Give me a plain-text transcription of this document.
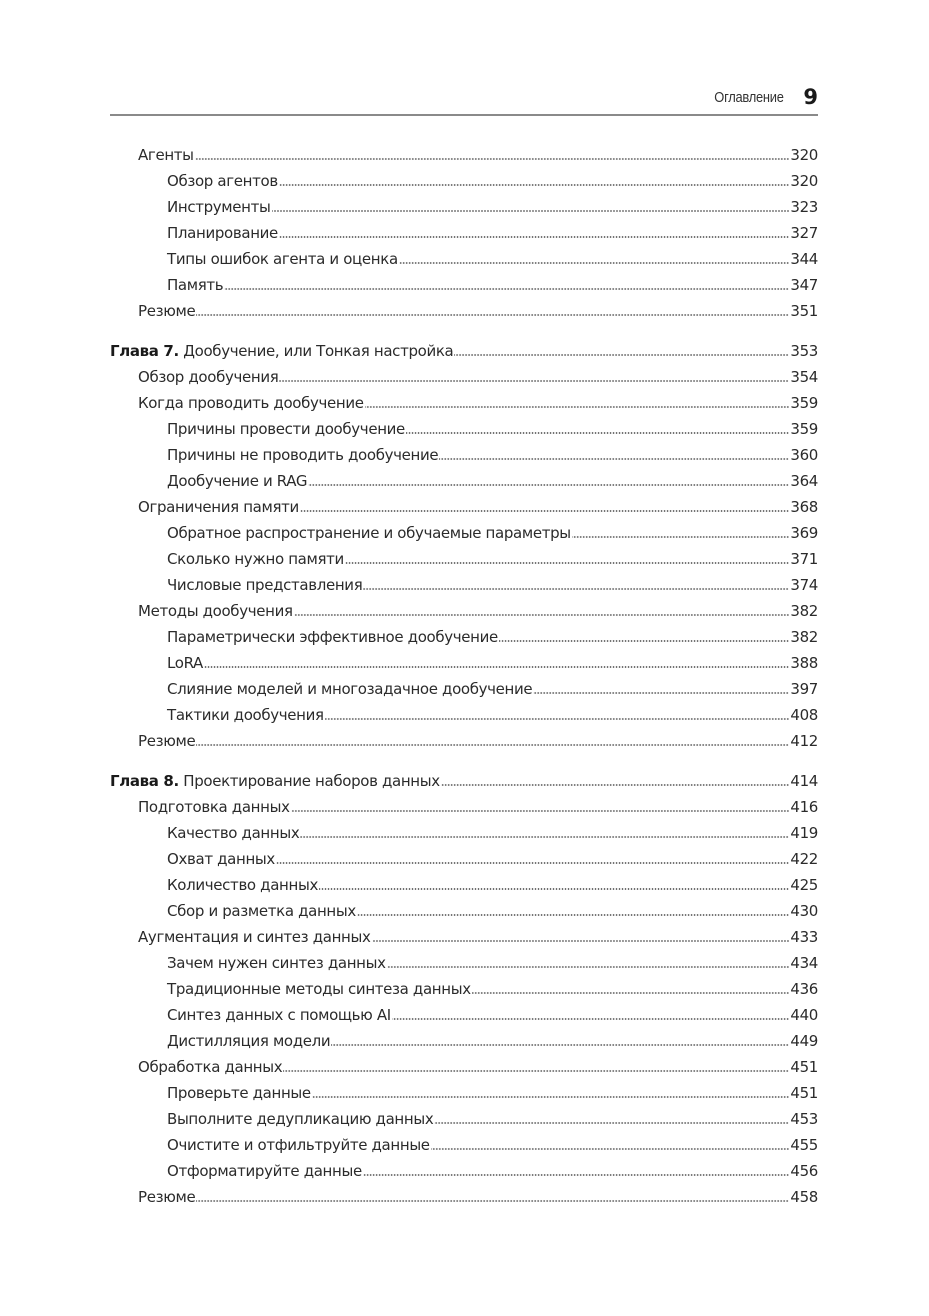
Оглавление 9
Агенты	320
Обзор агентов	320
Инструменты	323
Планирование	327
Типы ошибок агента и оценка	344
Память	347
Резюме	351
Глава 7. Дообучение, или Тонкая настройка	353
Обзор дообучения	354
Когда проводить дообучение	359
Причины провести дообучение	359
Причины не проводить дообучение	360
Дообучение и RAG	364
Ограничения памяти	368
Обратное распространение и обучаемые параметры	369
Сколько нужно памяти	371
Числовые представления	374
Методы дообучения	382
Параметрически эффективное дообучение	382
LoRA	388
Слияние моделей и многозадачное дообучение	397
Тактики дообучения	408
Резюме	412
Глава 8. Проектирование наборов данных	414
Подготовка данных	416
Качество данных	419
Охват данных	422
Количество данных	425
Сбор и разметка данных	430
Аугментация и синтез данных	433
Зачем нужен синтез данных	434
Традиционные методы синтеза данных	436
Синтез данных с помощью AI	440
Дистилляция модели	449
Обработка данных	451
Проверьте данные	451
Выполните дедупликацию данных	453
Очистите и отфильтруйте данные	455
Отформатируйте данные	456
Резюме	458
